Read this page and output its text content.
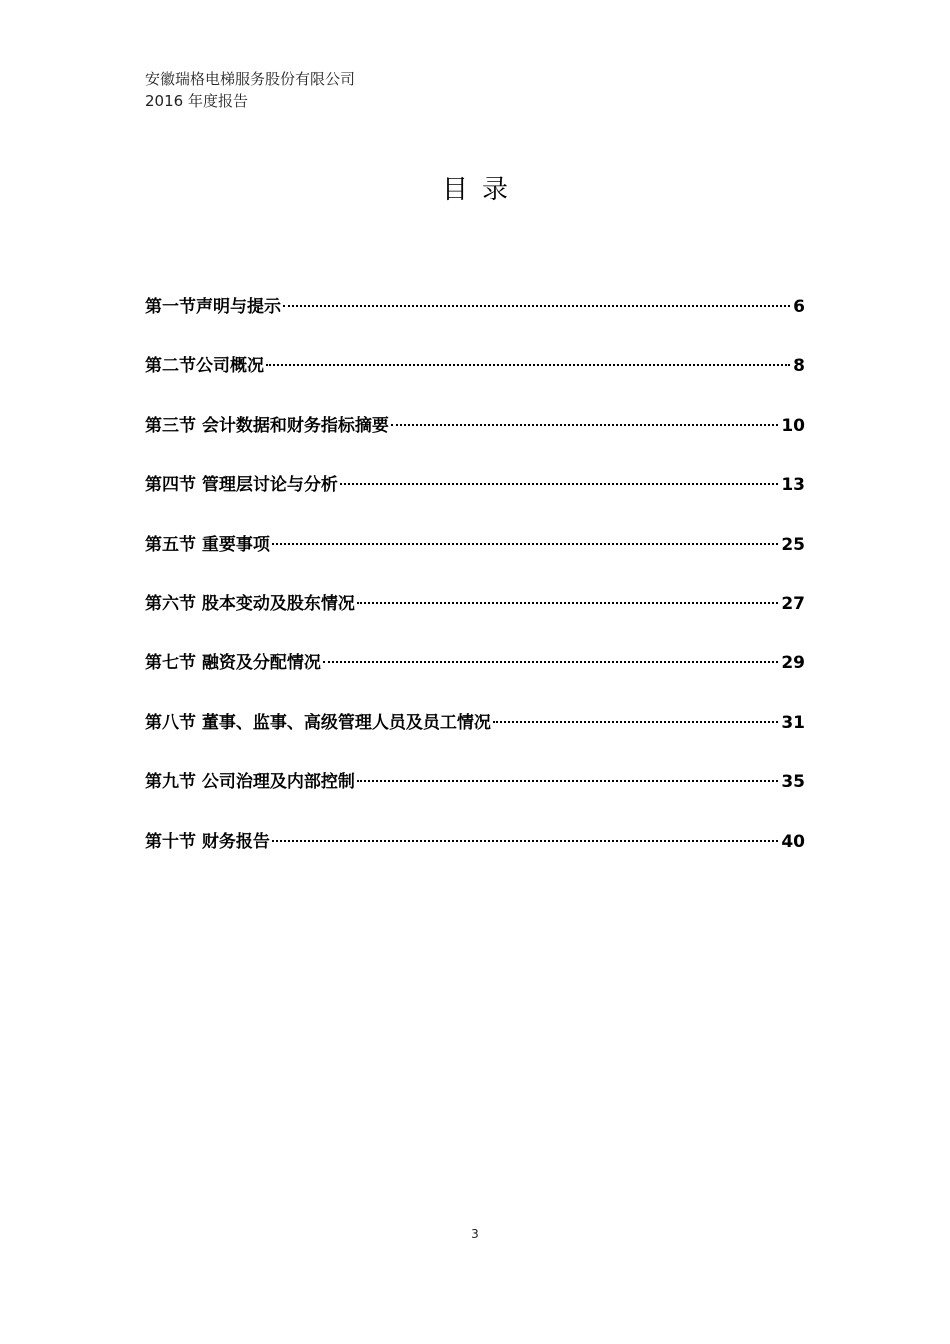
安徽瑞格电梯服务股份有限公司
2016 年度报告
目录
第一节声明与提示	6
第二节公司概况	8
第三节 会计数据和财务指标摘要	10
第四节 管理层讨论与分析	13
第五节 重要事项	25
第六节 股本变动及股东情况	27
第七节 融资及分配情况	29
第八节 董事、监事、高级管理人员及员工情况	31
第九节 公司治理及内部控制	35
第十节 财务报告	40
3
